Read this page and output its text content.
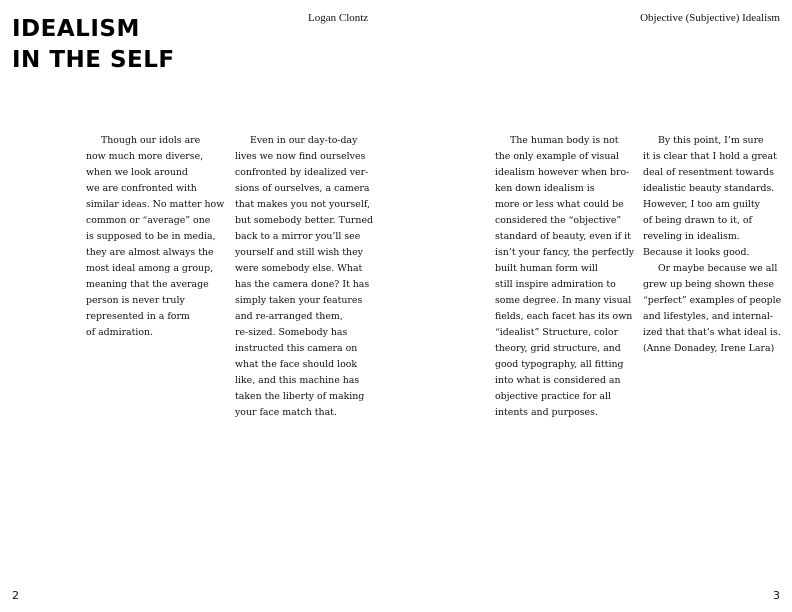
IDEALISM
IN THE SELF
Logan Clontz	Objective (Subjective) Idealism
Though our idols are
now much more diverse,
when we look around
we are confronted with
similar ideas. No matter how
common or “average” one
is supposed to be in media,
they are almost always the
most ideal among a group,
meaning that the average
person is never truly
represented in a form
of admiration.
Even in our day-to-day
lives we now find ourselves
confronted by idealized ver-
sions of ourselves, a camera
that makes you not yourself,
but somebody better. Turned
back to a mirror you’ll see
yourself and still wish they
were somebody else. What
has the camera done? It has
simply taken your features
and re-arranged them,
re-sized. Somebody has
instructed this camera on
what the face should look
like, and this machine has
taken the liberty of making
your face match that.
The human body is not
the only example of visual
idealism however when bro-
ken down idealism is
more or less what could be
considered the “objective”
standard of beauty, even if it
isn’t your fancy, the perfectly
built human form will
still inspire admiration to
some degree. In many visual
fields, each facet has its own
“idealist” Structure, color
theory, grid structure, and
good typography, all fitting
into what is considered an
objective practice for all
intents and purposes.
By this point, I’m sure
it is clear that I hold a great
deal of resentment towards
idealistic beauty standards.
However, I too am guilty
of being drawn to it, of
reveling in idealism.
Because it looks good.
Or maybe because we all
grew up being shown these
“perfect” examples of people
and lifestyles, and internal-
ized that that’s what ideal is.
(Anne Donadey, Irene Lara)
2	3
